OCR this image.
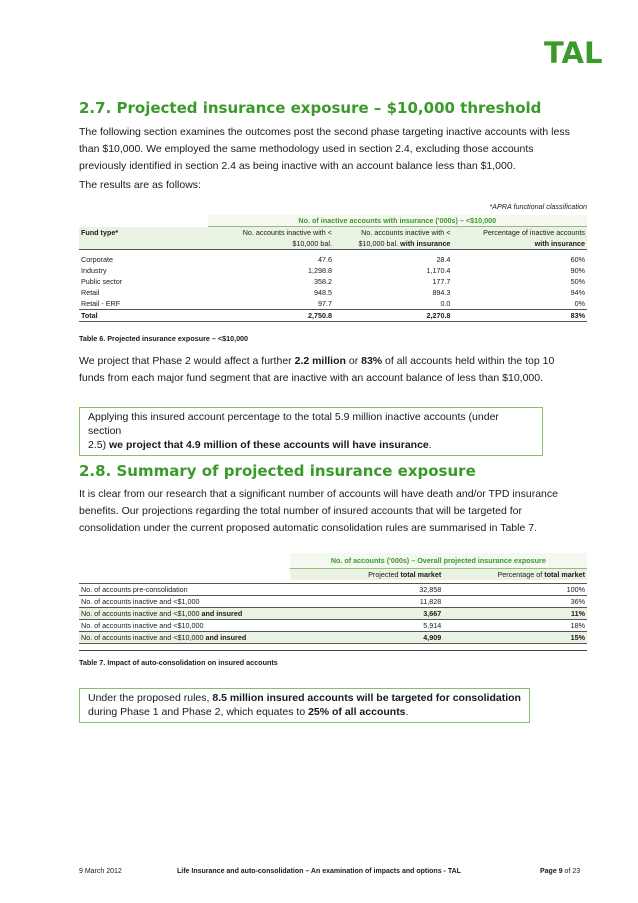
TAL
2.7. Projected insurance exposure – $10,000 threshold

The following section examines the outcomes post the second phase targeting inactive accounts with less
than $10,000. We employed the same methodology used in section 2.4, excluding those accounts
previously identified in section 2.4 as being inactive with an account balance less than $1,000.

The results are as follows:

*APRA functional classification
	No. of inactive accounts with insurance ('000s) – <$10,000		
Fund type*	No. accounts inactive with <	No. accounts inactive with <	Percentage of inactive accounts
	$10,000 bal.	$10,000 bal. with insurance	with insurance

Corporate	47.6	28.4	60%
Industry	1,298.8	1,170.4	90%
Public sector	358.2	177.7	50%
Retail	948.5	894.3	94%
Retail - ERF	97.7	0.0	0%
Total	2,750.8	2,270.8	83%
Table 6. Projected insurance exposure – <$10,000

We project that Phase 2 would affect a further 2.2 million or 83% of all accounts held within the top 10
funds from each major fund segment that are inactive with an account balance of less than $10,000.

Applying this insured account percentage to the total 5.9 million inactive accounts (under section
2.5) we project that 4.9 million of these accounts will have insurance.
2.8. Summary of projected insurance exposure

It is clear from our research that a significant number of accounts will have death and/or TPD insurance
benefits. Our projections regarding the total number of insured accounts that will be targeted for
consolidation under the current proposed automatic consolidation rules are summarised in Table 7.

	No. of accounts ('000s) – Overall projected insurance exposure	
	Projected total market	Percentage of total market

No. of accounts pre-consolidation	32,858	100%
No. of accounts inactive and <$1,000	11,828	36%
No. of accounts inactive and <$1,000 and insured	3,667	11%
No. of accounts inactive and <$10,000	5,914	18%
No. of accounts inactive and <$10,000 and insured	4,909	15%
Table 7. Impact of auto-consolidation on insured accounts
Under the proposed rules, 8.5 million insured accounts will be targeted for consolidation
during Phase 1 and Phase 2, which equates to 25% of all accounts.
9 March 2012	Life Insurance and auto-consolidation – An examination of impacts and options - TAL	Page 9 of 23
